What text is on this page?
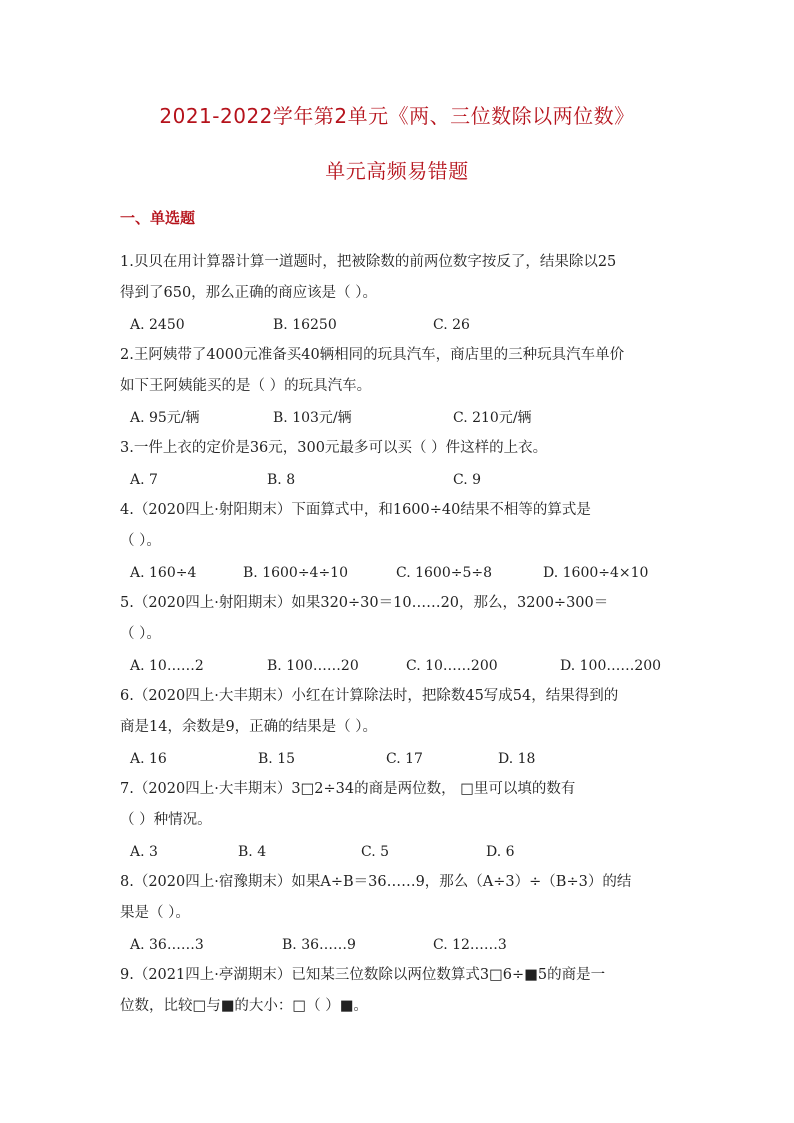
2021-2022学年第2单元《两、三位数除以两位数》
单元高频易错题
一、单选题
1.贝贝在用计算器计算一道题时，把被除数的前两位数字按反了，结果除以25
得到了650，那么正确的商应该是（ ）。
A. 2450	B. 16250	C. 26
2.王阿姨带了4000元准备买40辆相同的玩具汽车，商店里的三种玩具汽车单价
如下王阿姨能买的是（ ）的玩具汽车。
A. 95元/辆	B. 103元/辆	C. 210元/辆
3.一件上衣的定价是36元，300元最多可以买（ ）件这样的上衣。
A. 7	B. 8	C. 9
4.（2020四上·射阳期末）下面算式中，和1600÷40结果不相等的算式是
（ ）。
A. 160÷4	B. 1600÷4÷10	C. 1600÷5÷8	D. 1600÷4×10
5.（2020四上·射阳期末）如果320÷30＝10……20，那么，3200÷300＝
（ ）。
A. 10……2	B. 100……20	C. 10……200	D. 100……200
6.（2020四上·大丰期末）小红在计算除法时，把除数45写成54，结果得到的
商是14，余数是9，正确的结果是（ ）。
A. 16	B. 15	C. 17	D. 18
7.（2020四上·大丰期末）3□2÷34的商是两位数， □里可以填的数有
（ ）种情况。
A. 3	B. 4	C. 5	D. 6
8.（2020四上·宿豫期末）如果A÷B＝36……9，那么（A÷3）÷（B÷3）的结
果是（ ）。
A. 36……3	B. 36……9	C. 12……3
9.（2021四上·亭湖期末）已知某三位数除以两位数算式3□6÷■5的商是一
位数，比较□与■的大小：□（ ）■。
